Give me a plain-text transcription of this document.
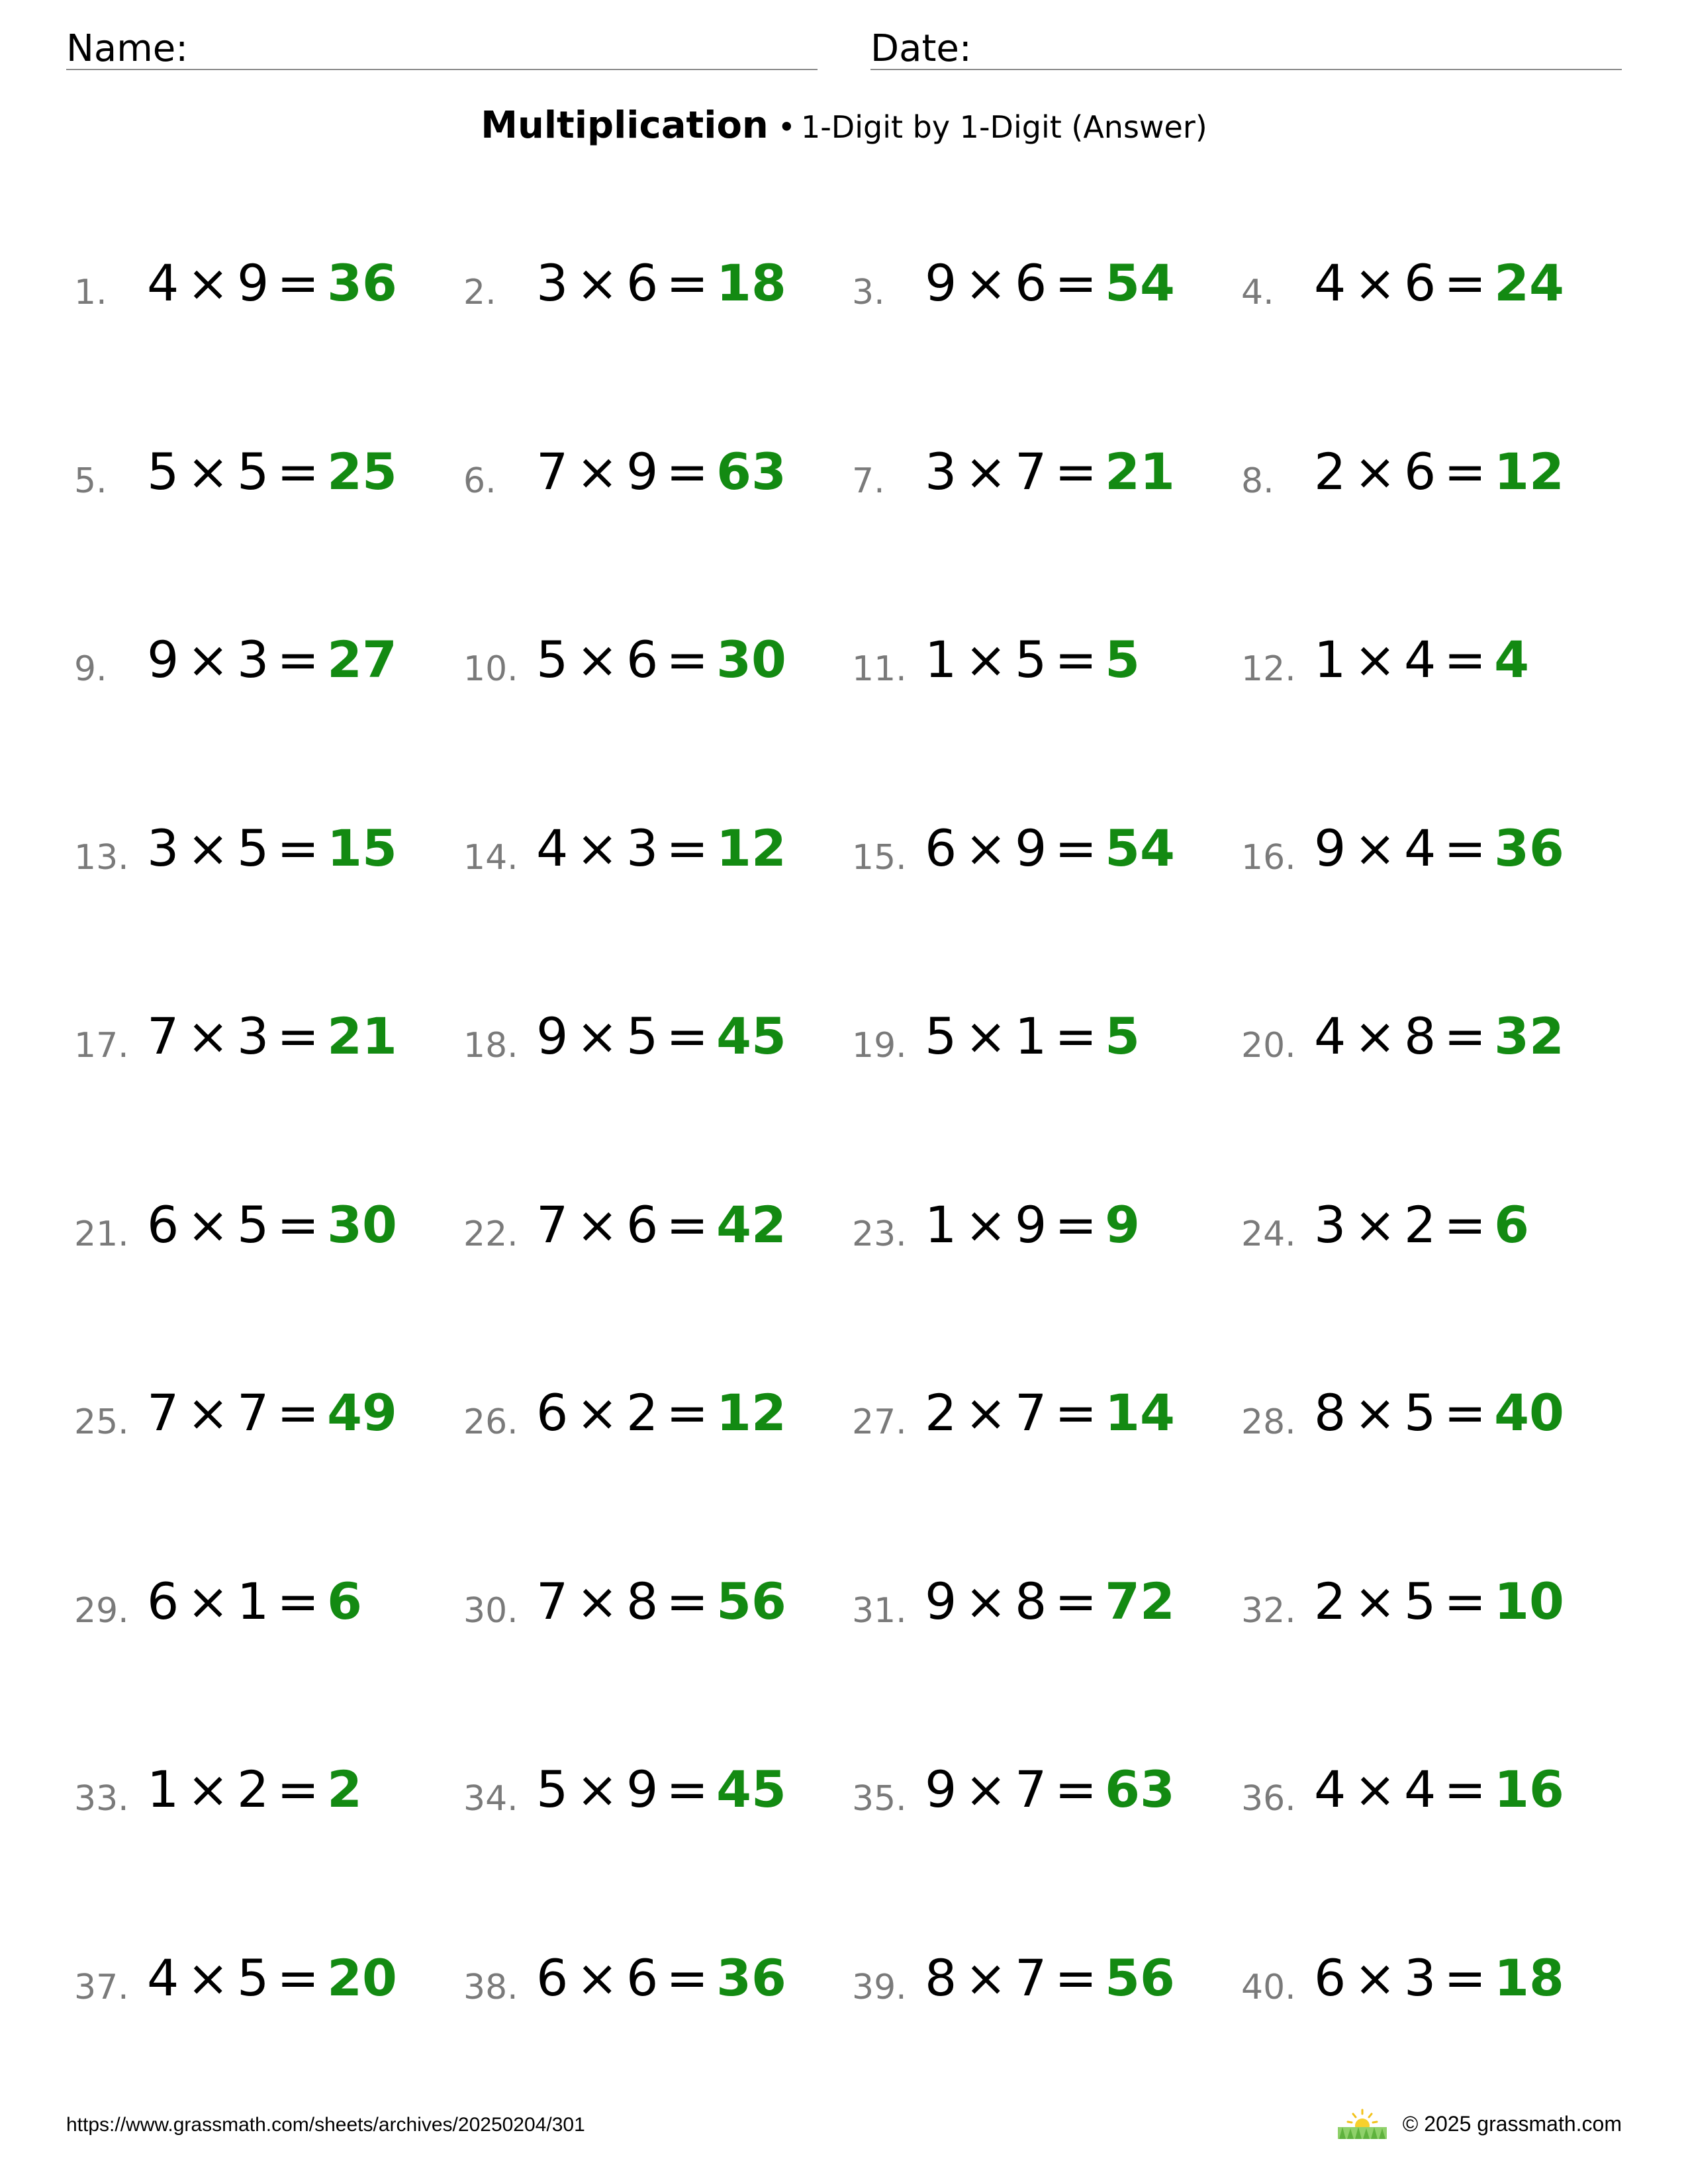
Name:	Date:
Multiplication • 1-Digit by 1-Digit (Answer)
1. 4 × 9 = 36 2. 3 × 6 = 18 3. 9 × 6 = 54 4. 4 × 6 = 24
5. 5 × 5 = 25 6. 7 × 9 = 63 7. 3 × 7 = 21 8. 2 × 6 = 12
9. 9 × 3 = 27 10. 5 × 6 = 30 11. 1 × 5 = 5	12. 1 × 4 = 4
13. 3 × 5 = 15 14. 4 × 3 = 12 15. 6 × 9 = 54 16. 9 × 4 = 36
17. 7 × 3 = 21 18. 9 × 5 = 45 19. 5 × 1 = 5	20. 4 × 8 = 32
21. 6 × 5 = 30 22. 7 × 6 = 42 23. 1 × 9 = 9	24. 3 × 2 = 6
25. 7 × 7 = 49 26. 6 × 2 = 12 27. 2 × 7 = 14 28. 8 × 5 = 40
29. 6 × 1 = 6	30. 7 × 8 = 56 31. 9 × 8 = 72 32. 2 × 5 = 10
33. 1 × 2 = 2	34. 5 × 9 = 45 35. 9 × 7 = 63 36. 4 × 4 = 16
37. 4 × 5 = 20 38. 6 × 6 = 36 39. 8 × 7 = 56 40. 6 × 3 = 18
https://www.grassmath.com/sheets/archives/20250204/301	© 2025 grassmath.com
